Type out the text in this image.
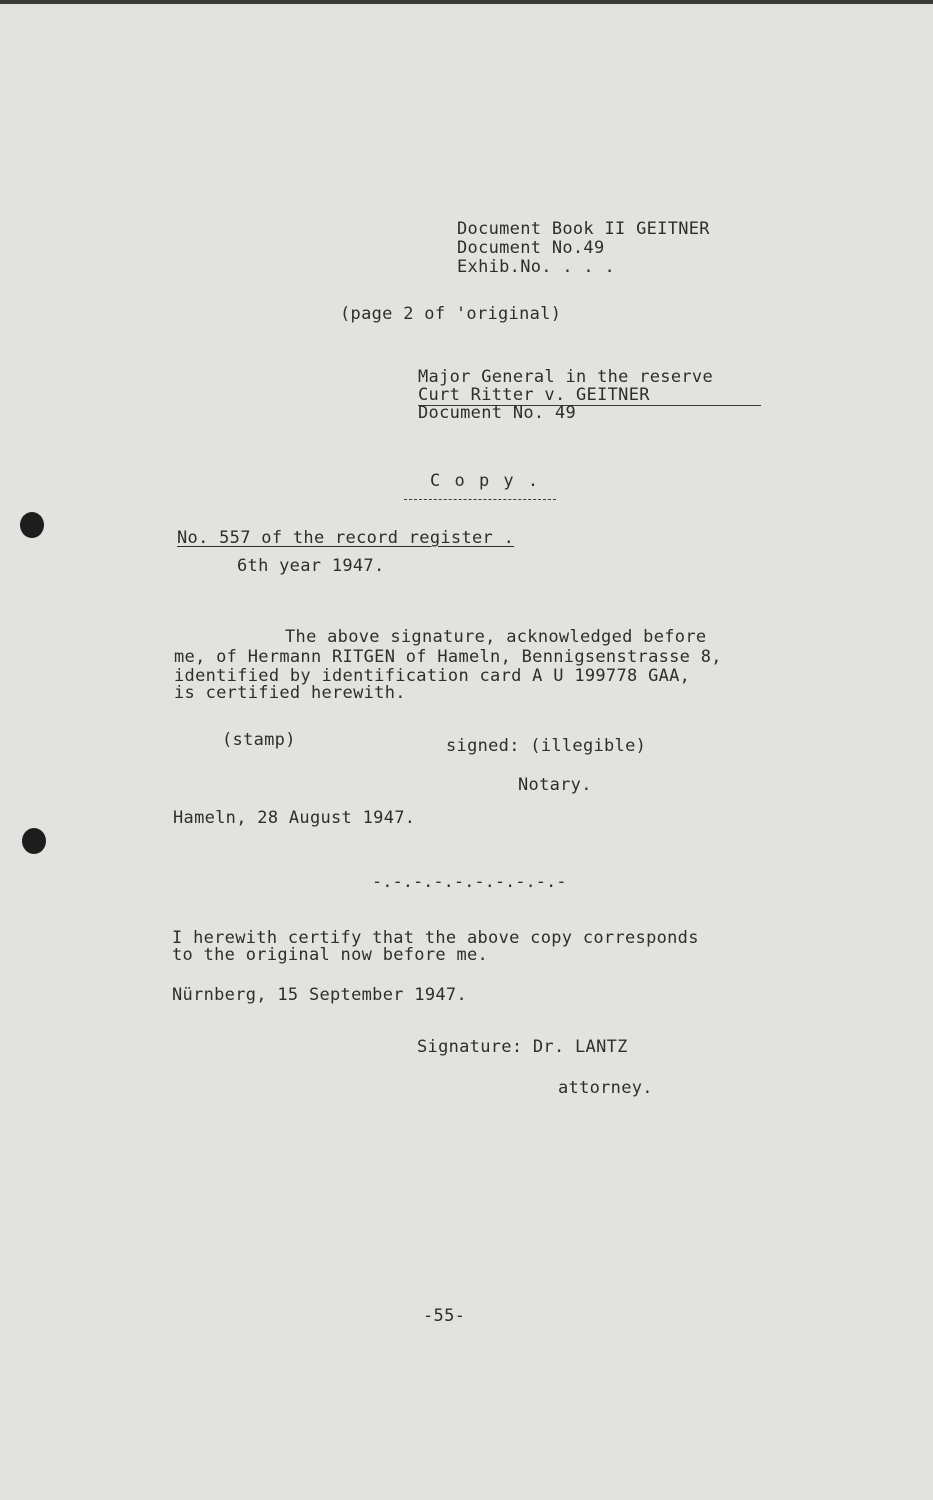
Document Book II GEITNER
Document No.49
Exhib.No. . . .
(page 2 of 'original)
Major General in the reserve
Curt Ritter v. GEITNER
Document No. 49
C o p y .
No. 557 of the record register .
6th year 1947.
The above signature, acknowledged before
me, of Hermann RITGEN of Hameln, Bennigsenstrasse 8,
identified by identification card A U 199778 GAA,
is certified herewith.
(stamp)	signed: (illegible)
Notary.
Hameln, 28 August 1947.
-.-.-.-.-.-.-.-.-.-
I herewith certify that the above copy corresponds
to the original now before me.
Nürnberg, 15 September 1947.
Signature: Dr. LANTZ
attorney.
-55-
